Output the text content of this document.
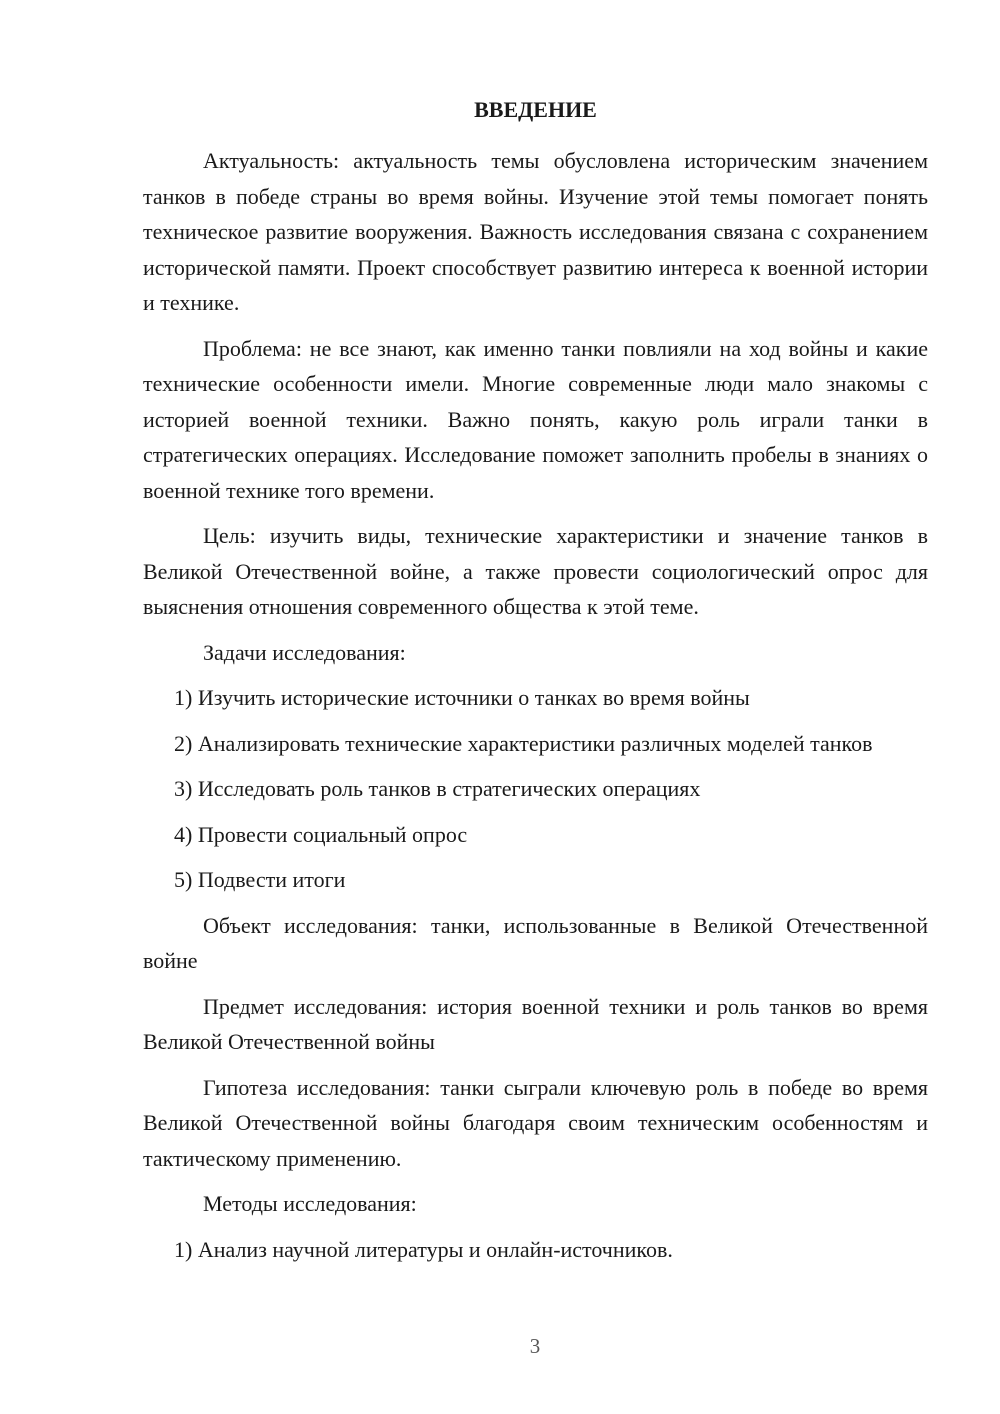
ВВЕДЕНИЕ

Актуальность: актуальность темы обусловлена историческим значением танков в победе страны во время войны. Изучение этой темы помогает понять техническое развитие вооружения. Важность исследования связана с сохранением исторической памяти. Проект способствует развитию интереса к военной истории и технике.

Проблема: не все знают, как именно танки повлияли на ход войны и какие технические особенности имели. Многие современные люди мало знакомы с историей военной техники. Важно понять, какую роль играли танки в стратегических операциях. Исследование поможет заполнить пробелы в знаниях о военной технике того времени.

Цель: изучить виды, технические характеристики и значение танков в Великой Отечественной войне, а также провести социологический опрос для выяснения отношения современного общества к этой теме.

Задачи исследования:

1) Изучить исторические источники о танках во время войны

2) Анализировать технические характеристики различных моделей танков

3) Исследовать роль танков в стратегических операциях

4) Провести социальный опрос

5) Подвести итоги

Объект исследования: танки, использованные в Великой Отечественной войне

Предмет исследования: история военной техники и роль танков во время Великой Отечественной войны

Гипотеза исследования: танки сыграли ключевую роль в победе во время Великой Отечественной войны благодаря своим техническим особенностям и тактическому применению.

Методы исследования:

1) Анализ научной литературы и онлайн-источников.

3
